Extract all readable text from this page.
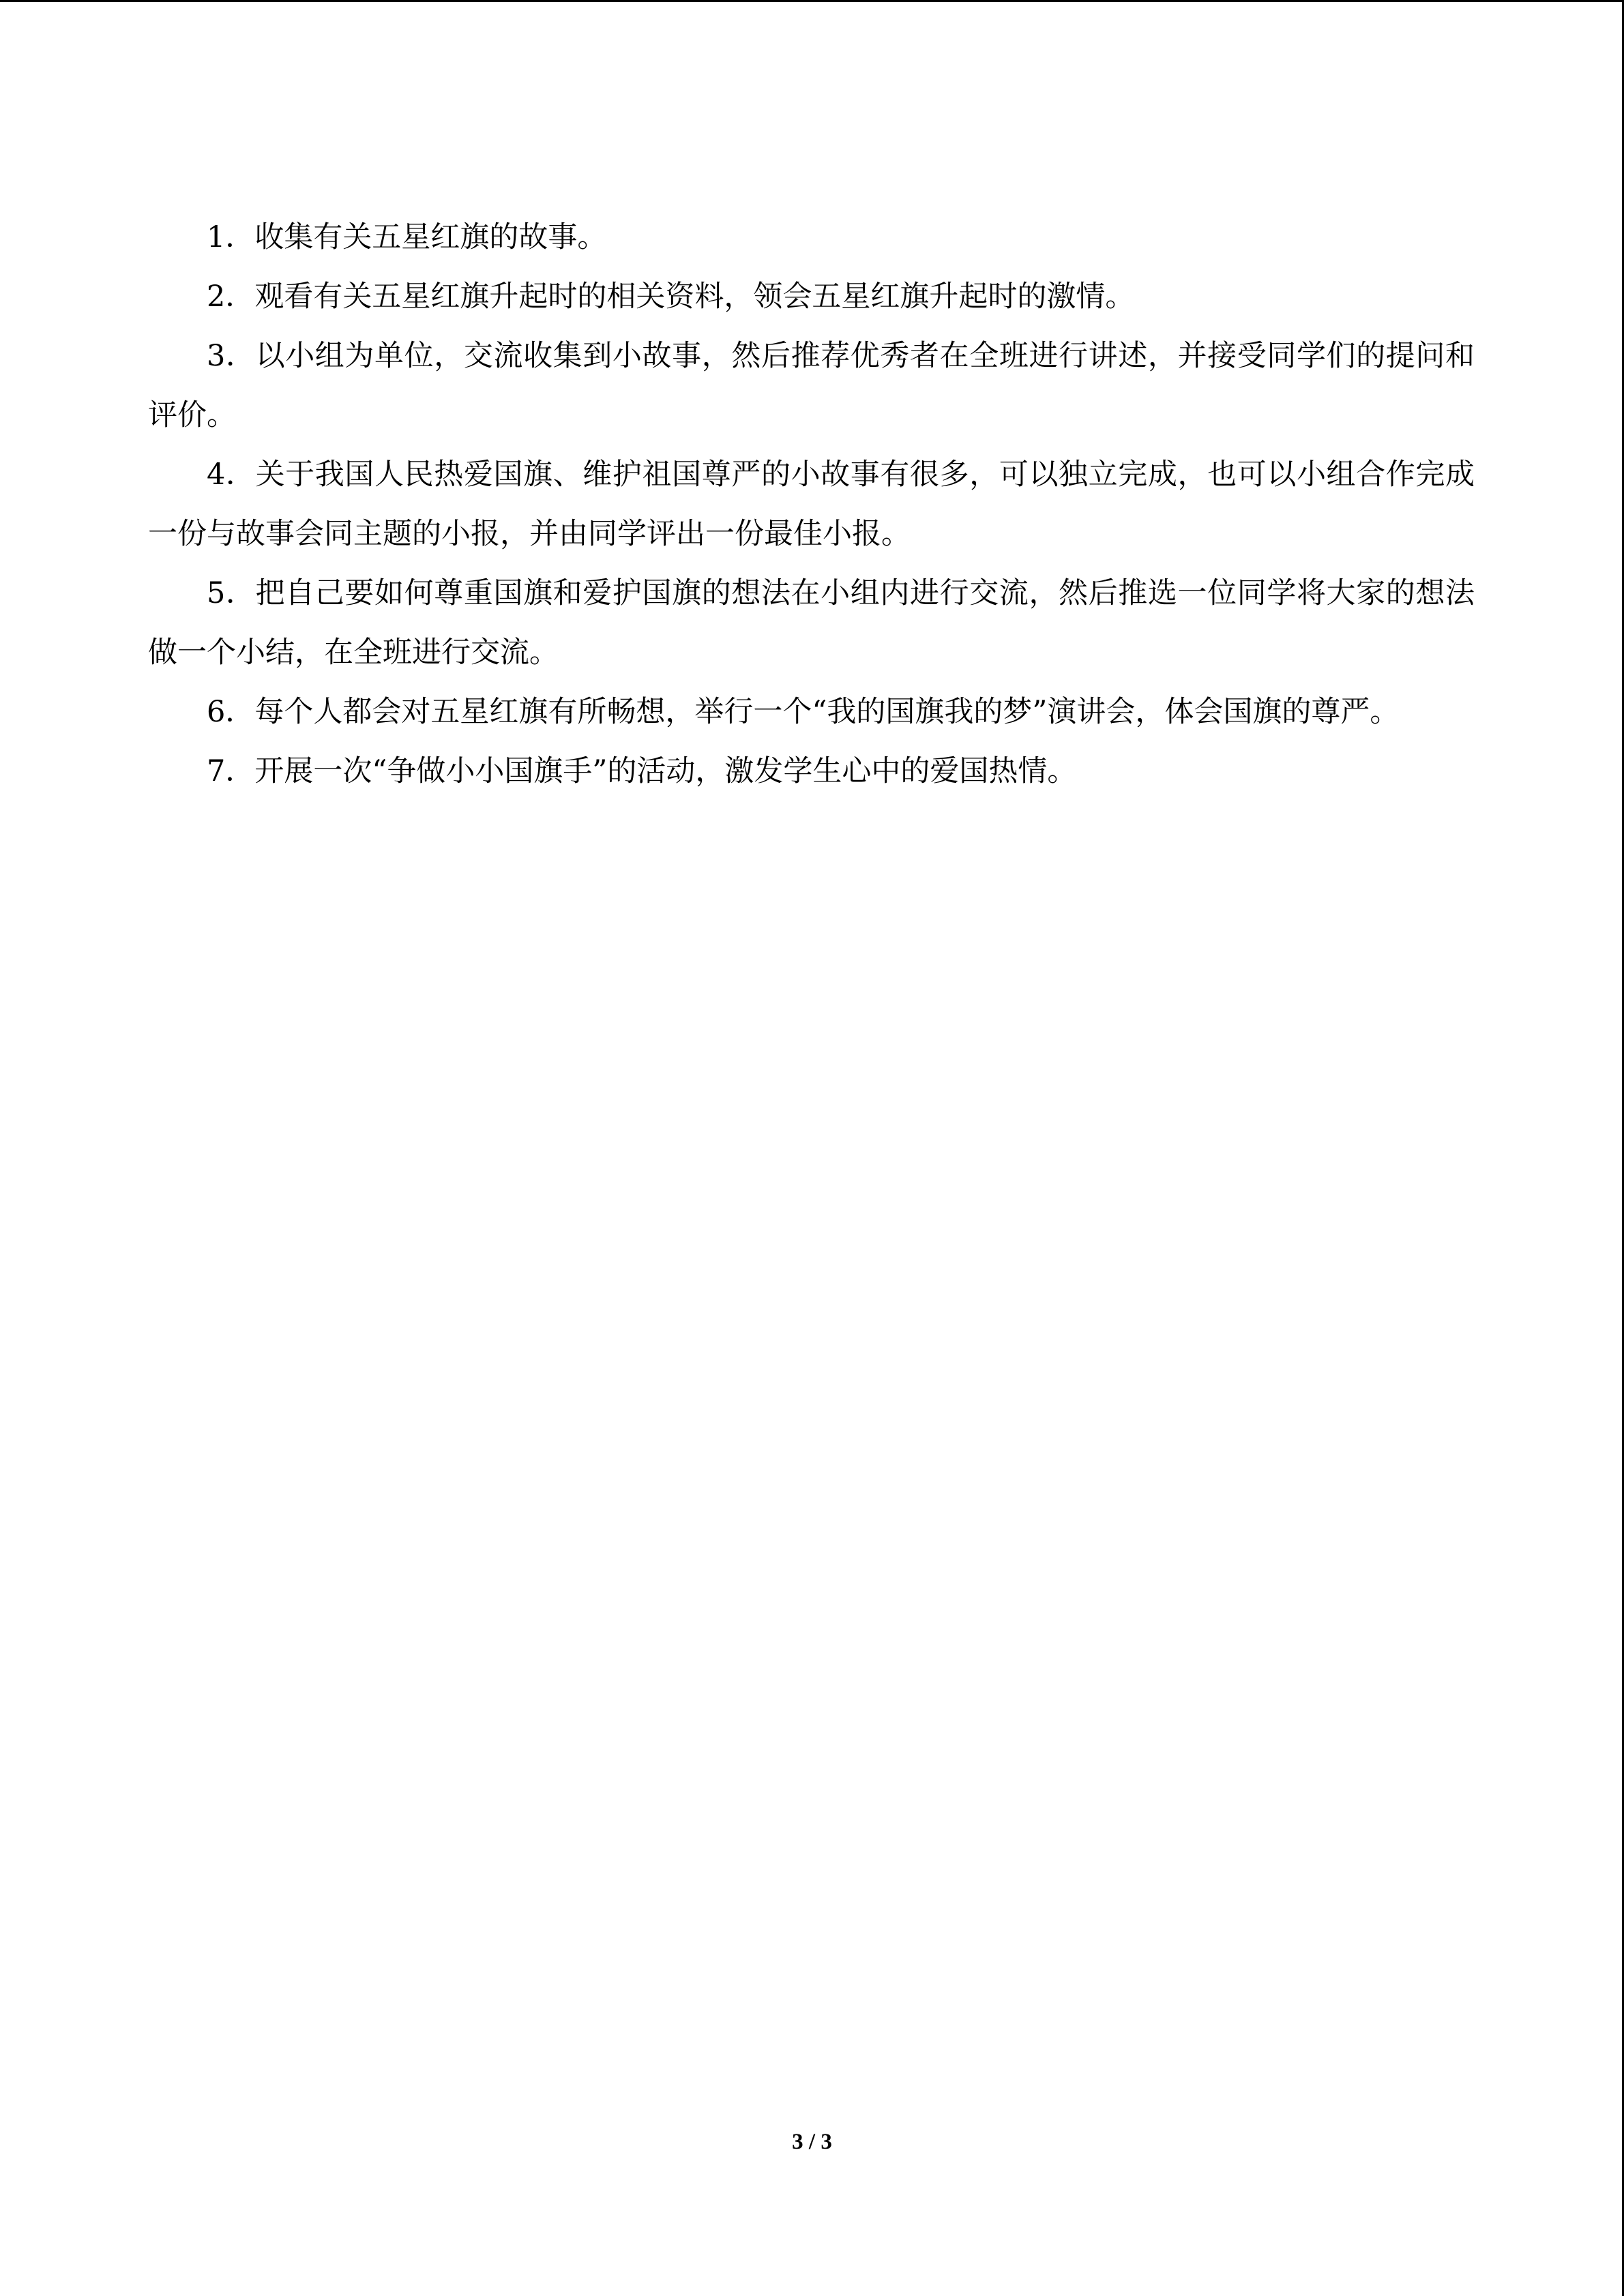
1．收集有关五星红旗的故事。

2．观看有关五星红旗升起时的相关资料，领会五星红旗升起时的激情。

3．以小组为单位，交流收集到小故事，然后推荐优秀者在全班进行讲述，并接受同学们的提问和评价。

4．关于我国人民热爱国旗、维护祖国尊严的小故事有很多，可以独立完成，也可以小组合作完成一份与故事会同主题的小报，并由同学评出一份最佳小报。

5．把自己要如何尊重国旗和爱护国旗的想法在小组内进行交流，然后推选一位同学将大家的想法做一个小结，在全班进行交流。

6．每个人都会对五星红旗有所畅想，举行一个“我的国旗我的梦”演讲会，体会国旗的尊严。

7．开展一次“争做小小国旗手”的活动，激发学生心中的爱国热情。

3 / 3
